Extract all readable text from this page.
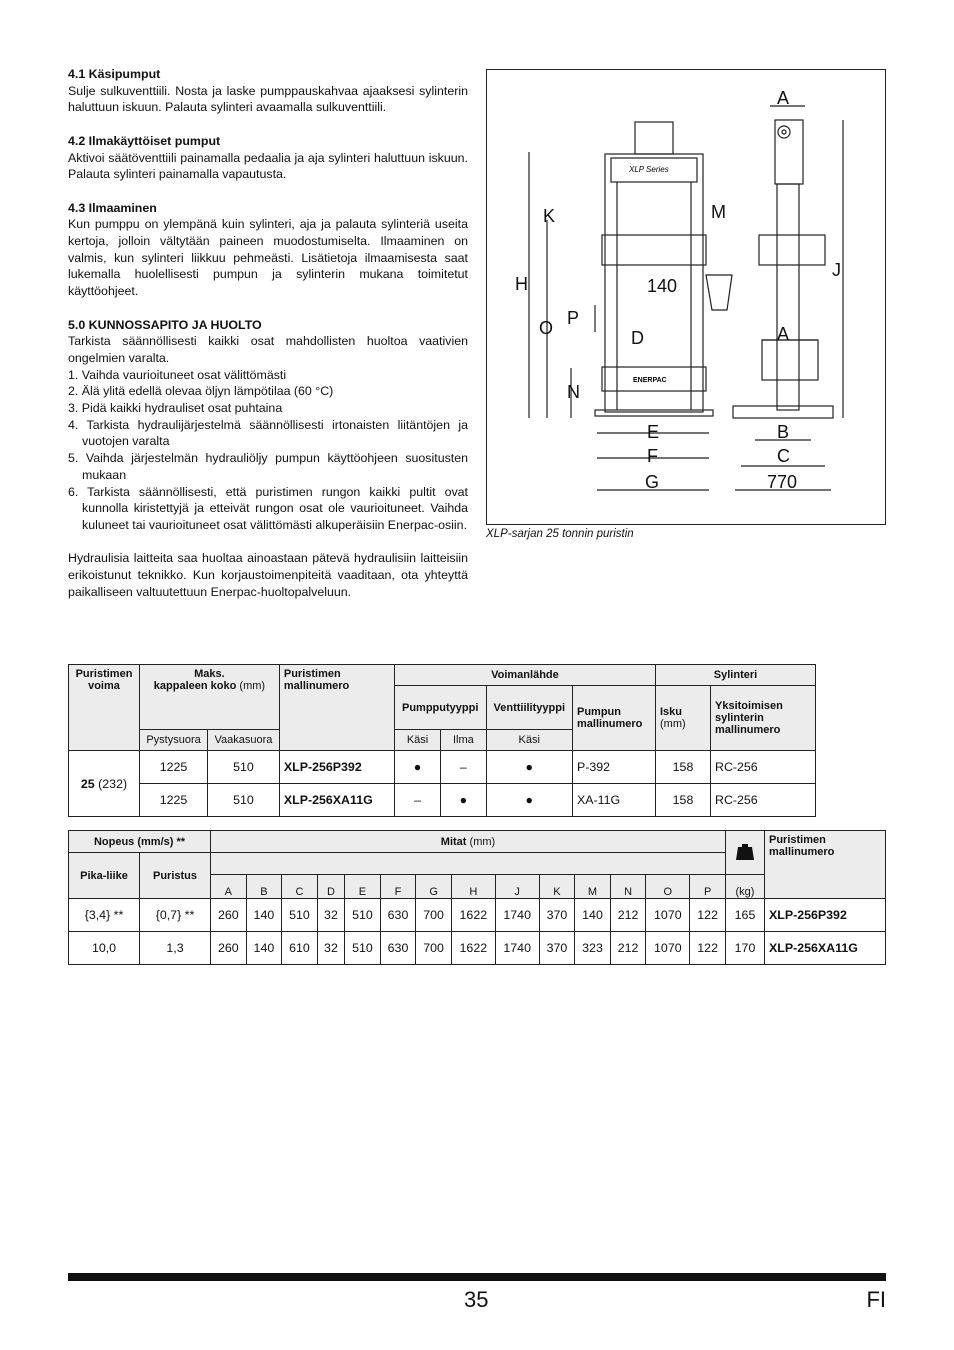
4.1 Käsipumput

Sulje sulkuventtiili. Nosta ja laske pumppauskahvaa ajaaksesi sylinterin haluttuun iskuun. Palauta sylinteri avaamalla sulkuventtiili.

4.2 Ilmakäyttöiset pumput

Aktivoi säätöventtiili painamalla pedaalia ja aja sylinteri haluttuun iskuun. Palauta sylinteri painamalla vapautusta.

4.3 Ilmaaminen

Kun pumppu on ylempänä kuin sylinteri, aja ja palauta sylinteriä useita kertoja, jolloin vältytään paineen muodostumiselta. Ilmaaminen on valmis, kun sylinteri liikkuu pehmeästi. Lisätietoja ilmaamisesta saat lukemalla huolellisesti pumpun ja sylinterin mukana toimitetut käyttöohjeet.

5.0 KUNNOSSAPITO JA HUOLTO

Tarkista säännöllisesti kaikki osat mahdollisten huoltoa vaativien ongelmien varalta.

1. Vaihda vaurioituneet osat välittömästi
2. Älä ylitä edellä olevaa öljyn lämpötilaa (60 °C)
3. Pidä kaikki hydrauliset osat puhtaina
4. Tarkista hydraulijärjestelmä säännöllisesti irtonaisten liitäntöjen ja vuotojen varalta
5. Vaihda järjestelmän hydrauliöljy pumpun käyttöohjeen suositusten mukaan
6. Tarkista säännöllisesti, että puristimen rungon kaikki pultit ovat kunnolla kiristettyjä ja etteivät rungon osat ole vaurioituneet. Vaihda kuluneet tai vaurioituneet osat välittömästi alkuperäisiin Enerpac-osiin.

Hydraulisia laitteita saa huoltaa ainoastaan pätevä hydraulisiin laitteisiin erikoistunut teknikko. Kun korjaustoimenpiteitä vaaditaan, ota yhteyttä paikalliseen valtuutettuun Enerpac-huoltopalveluun.

A
K	M
H
J
O P
D
N
A
E
F
G
B
C
770
140
XLP Series
ENERPAC
XLP-sarjan 25 tonnin puristin
Puristimen voima	Maks.
kappaleen koko (mm)		Puristimen mallinumero	Voimanlähde				Sylinteri	
				Pumpputyyppi		Venttiilityyppi	Pumpun mallinumero	Isku
(mm)	Yksitoimisen sylinterin mallinumero
	Pystysuora	Vaakasuora		Käsi	Ilma	Käsi			
25 (232)	1225	510	XLP-256P392	●	–	●	P-392	158	RC-256
	1225	510	XLP-256XA11G	–	●	●	XA-11G	158	RC-256
Nopeus (mm/s) **		Mitat (mm)															Puristimen mallinumero
Pika-liike	Puristus																
		A	B	C	D	E	F	G	H	J	K	M	N	O	P	(kg)	
{3,4} **	{0,7} **	260	140	510	32	510	630	700	1622	1740	370	140	212	1070	122	165	XLP-256P392
10,0	1,3	260	140	610	32	510	630	700	1622	1740	370	323	212	1070	122	170	XLP-256XA11G
35	FI
